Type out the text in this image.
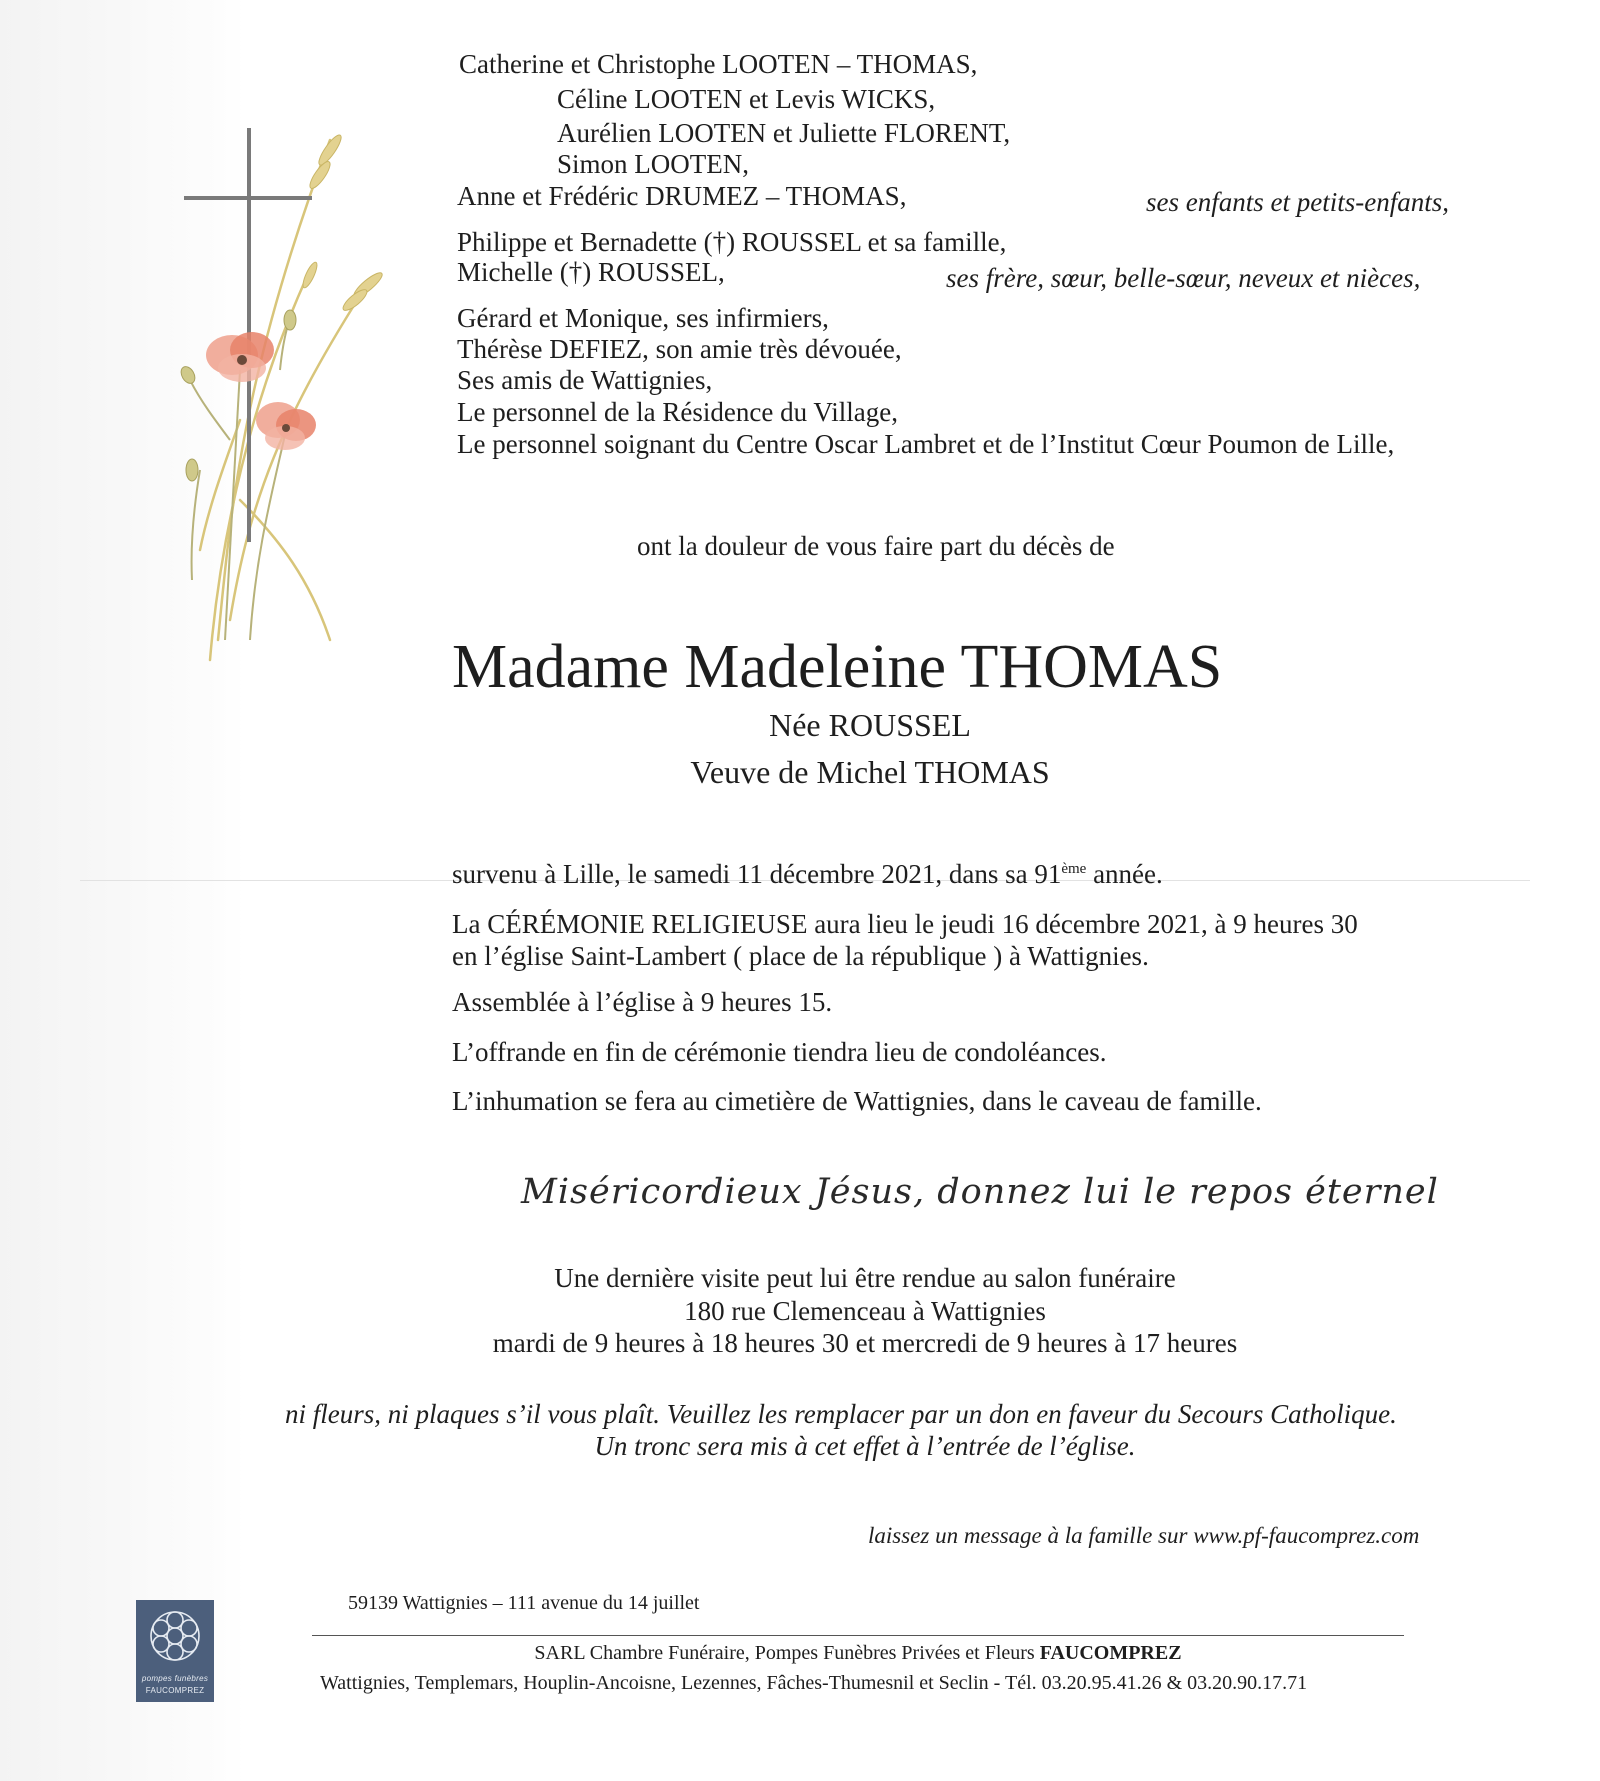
Catherine et Christophe LOOTEN – THOMAS,
Céline LOOTEN et Levis WICKS,
Aurélien LOOTEN et Juliette FLORENT,
Simon LOOTEN,
Anne et Frédéric DRUMEZ – THOMAS,	ses enfants et petits-enfants,
Philippe et Bernadette (†) ROUSSEL et sa famille,
Michelle (†) ROUSSEL,	ses frère, sœur, belle-sœur, neveux et nièces,
Gérard et Monique, ses infirmiers,
Thérèse DEFIEZ, son amie très dévouée,
Ses amis de Wattignies,
Le personnel de la Résidence du Village,
Le personnel soignant du Centre Oscar Lambret et de l’Institut Cœur Poumon de Lille,
ont la douleur de vous faire part du décès de
Madame Madeleine THOMAS
Née ROUSSEL
Veuve de Michel THOMAS
survenu à Lille, le samedi 11 décembre 2021, dans sa 91ème année.
La CÉRÉMONIE RELIGIEUSE aura lieu le jeudi 16 décembre 2021, à 9 heures 30
en l’église Saint-Lambert ( place de la république ) à Wattignies.
Assemblée à l’église à 9 heures 15.
L’offrande en fin de cérémonie tiendra lieu de condoléances.
L’inhumation se fera au cimetière de Wattignies, dans le caveau de famille.
Miséricordieux Jésus, donnez lui le repos éternel
Une dernière visite peut lui être rendue au salon funéraire
180 rue Clemenceau à Wattignies
mardi de 9 heures à 18 heures 30 et mercredi de 9 heures à 17 heures
ni fleurs, ni plaques s’il vous plaît. Veuillez les remplacer par un don en faveur du Secours Catholique.
Un tronc sera mis à cet effet à l’entrée de l’église.
laissez un message à la famille sur www.pf-faucomprez.com
59139 Wattignies – 111 avenue du 14 juillet
SARL Chambre Funéraire, Pompes Funèbres Privées et Fleurs FAUCOMPREZ
Wattignies, Templemars, Houplin-Ancoisne, Lezennes, Fâches-Thumesnil et Seclin - Tél. 03.20.95.41.26 & 03.20.90.17.71
pompes funèbres
FAUCOMPREZ
